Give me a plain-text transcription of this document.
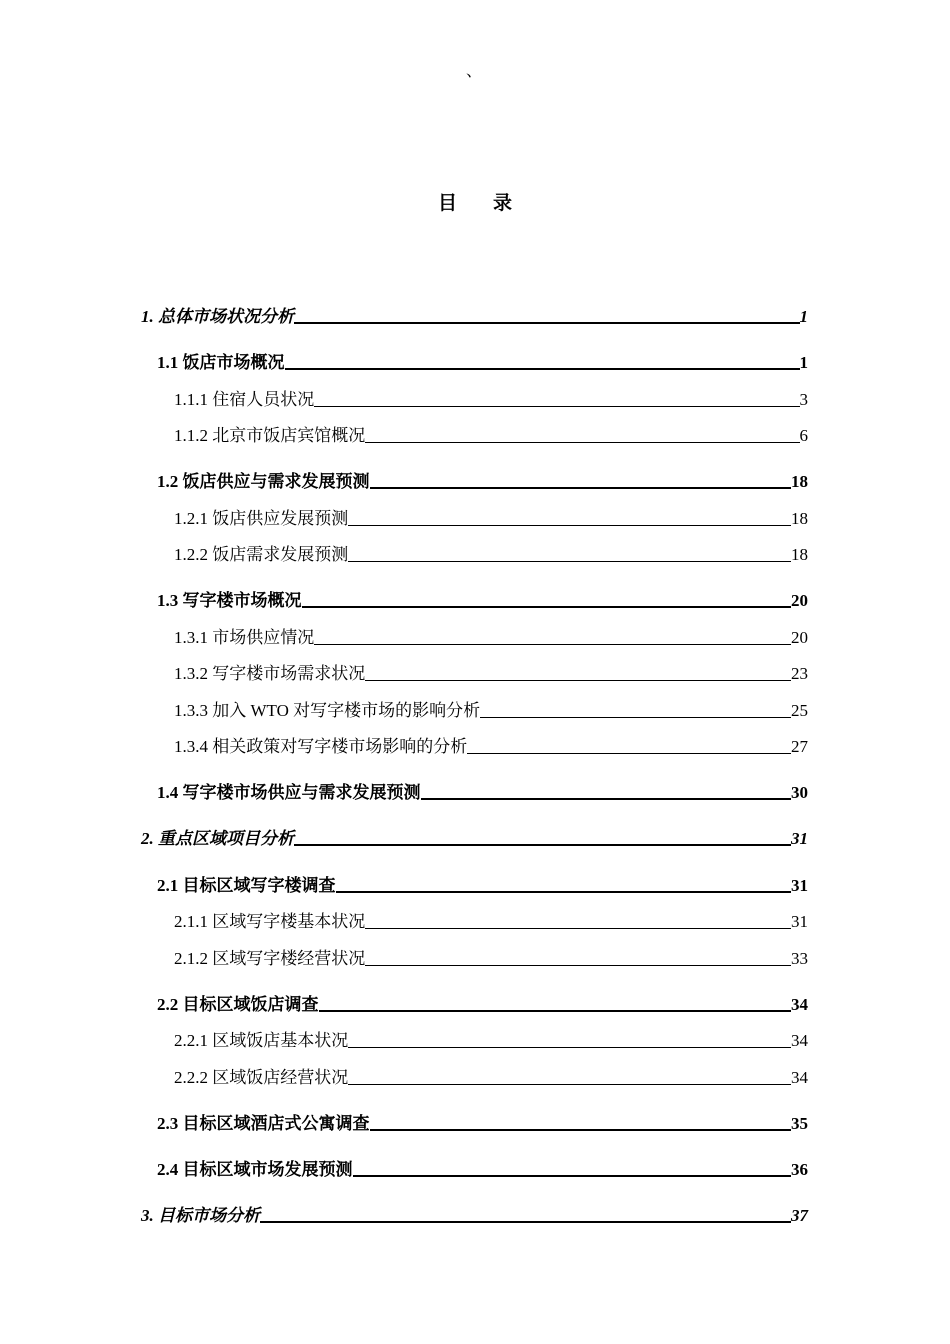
、
目 录
1. 总体市场状况分析	1
1.1 饭店市场概况	1
1.1.1 住宿人员状况	3
1.1.2 北京市饭店宾馆概况	6
1.2 饭店供应与需求发展预测	18
1.2.1 饭店供应发展预测	18
1.2.2 饭店需求发展预测	18
1.3 写字楼市场概况	20
1.3.1 市场供应情况	20
1.3.2 写字楼市场需求状况	23
1.3.3 加入 WTO 对写字楼市场的影响分析	25
1.3.4 相关政策对写字楼市场影响的分析	27
1.4 写字楼市场供应与需求发展预测	30
2. 重点区域项目分析	31
2.1 目标区域写字楼调查	31
2.1.1 区域写字楼基本状况	31
2.1.2 区域写字楼经营状况	33
2.2 目标区域饭店调查	34
2.2.1 区域饭店基本状况	34
2.2.2 区域饭店经营状况	34
2.3 目标区域酒店式公寓调查	35
2.4 目标区域市场发展预测	36
3. 目标市场分析	37
